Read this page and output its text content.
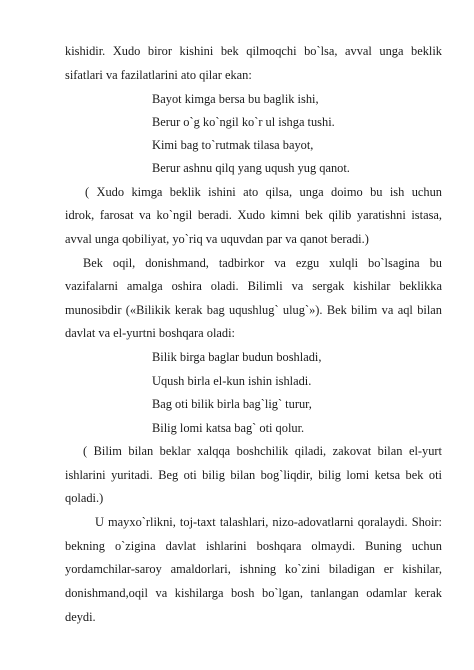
kishidir. Xudo biror kishini bek qilmoqchi bo`lsa, avval unga beklik
sifatlari va fazilatlarini ato qilar ekan:
Bayot kimga bersa bu baglik ishi,
Berur o`g ko`ngil ko`r ul ishga tushi.
Kimi bag to`rutmak tilasa bayot,
Berur ashnu qilq yang uqush yug qanot.
( Xudo kimga beklik ishini ato qilsa, unga doimo bu ish uchun
idrok, farosat va ko`ngil beradi. Xudo kimni bek qilib yaratishni istasa,
avval unga qobiliyat, yo`riq va uquvdan par va qanot beradi.)
Bek oqil, donishmand, tadbirkor va ezgu xulqli bo`lsagina bu
vazifalarni amalga oshira oladi. Bilimli va sergak kishilar beklikka
munosibdir («Bilikik kerak bag uqushlug` ulug`»). Bek bilim va aql bilan
davlat va el-yurtni boshqara oladi:
Bilik birga baglar budun boshladi,
Uqush birla el-kun ishin ishladi.
Bag oti bilik birla bag`lig` turur,
Bilig lomi katsa bag` oti qolur.
( Bilim bilan beklar xalqqa boshchilik qiladi, zakovat bilan el-yurt
ishlarini yuritadi. Beg oti bilig bilan bog`liqdir, bilig lomi ketsa bek oti
qoladi.)
U mayxo`rlikni, toj-taxt talashlari, nizo-adovatlarni qoralaydi. Shoir:
bekning o`zigina davlat ishlarini boshqara olmaydi. Buning uchun
yordamchilar-saroy amaldorlari, ishning ko`zini biladigan er kishilar,
donishmand,oqil va kishilarga bosh bo`lgan, tanlangan odamlar kerak
deydi.
